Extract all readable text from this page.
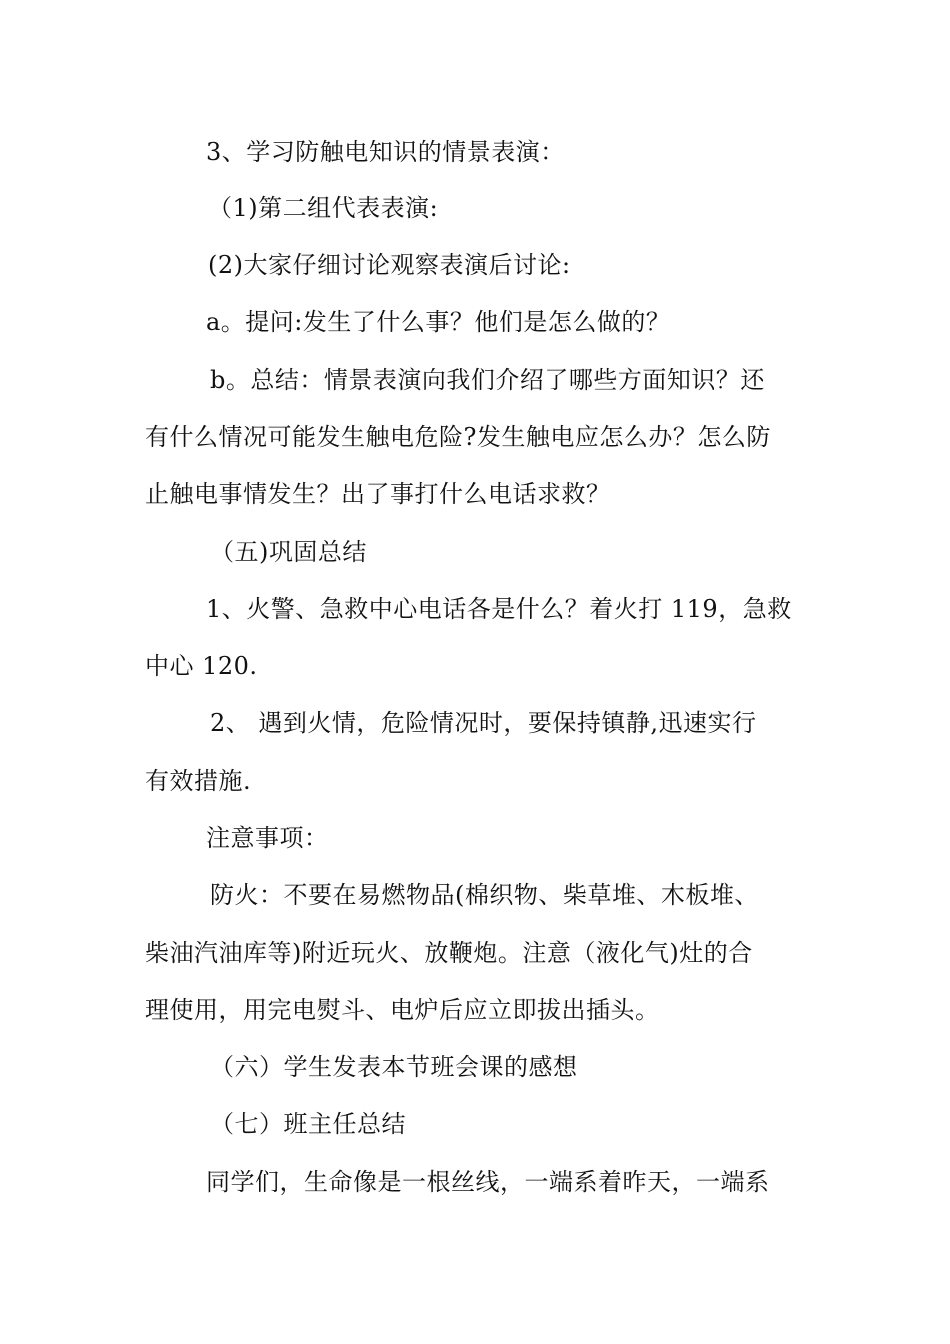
3、学习防触电知识的情景表演：
（1)第二组代表表演:
(2)大家仔细讨论观察表演后讨论:
a。提问:发生了什么事？他们是怎么做的？
b。总结：情景表演向我们介绍了哪些方面知识？还
有什么情况可能发生触电危险?发生触电应怎么办？怎么防
止触电事情发生？出了事打什么电话求救？
（五)巩固总结
1、火警、急救中心电话各是什么？着火打 119，急救
中心 120.
2、 遇到火情，危险情况时，要保持镇静,迅速实行
有效措施.
注意事项：
防火：不要在易燃物品(棉织物、柴草堆、木板堆、
柴油汽油库等)附近玩火、放鞭炮。注意（液化气)灶的合
理使用，用完电熨斗、电炉后应立即拔出插头。
（六）学生发表本节班会课的感想
（七）班主任总结
同学们，生命像是一根丝线，一端系着昨天，一端系
